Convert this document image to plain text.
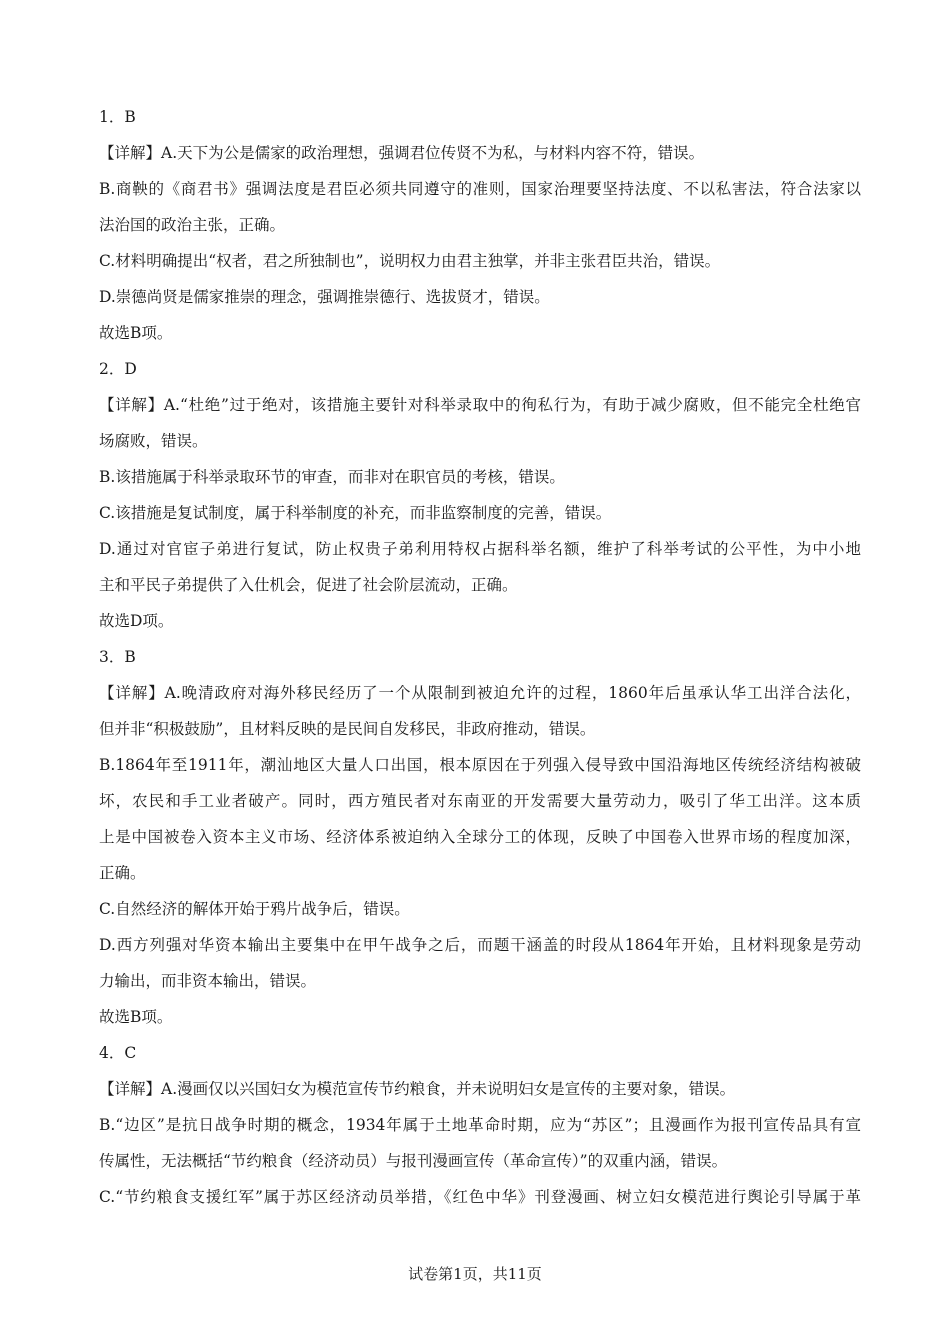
1．B
【详解】A.天下为公是儒家的政治理想，强调君位传贤不为私，与材料内容不符，错误。
B.商鞅的《商君书》强调法度是君臣必须共同遵守的准则，国家治理要坚持法度、不以私害法，符合法家以
法治国的政治主张，正确。
C.材料明确提出“权者，君之所独制也”，说明权力由君主独掌，并非主张君臣共治，错误。
D.崇德尚贤是儒家推崇的理念，强调推崇德行、选拔贤才，错误。
故选B项。
2．D
【详解】A.“杜绝”过于绝对，该措施主要针对科举录取中的徇私行为，有助于减少腐败，但不能完全杜绝官
场腐败，错误。
B.该措施属于科举录取环节的审查，而非对在职官员的考核，错误。
C.该措施是复试制度，属于科举制度的补充，而非监察制度的完善，错误。
D.通过对官宦子弟进行复试，防止权贵子弟利用特权占据科举名额，维护了科举考试的公平性，为中小地
主和平民子弟提供了入仕机会，促进了社会阶层流动，正确。
故选D项。
3．B
【详解】A.晚清政府对海外移民经历了一个从限制到被迫允许的过程，1860年后虽承认华工出洋合法化，
但并非“积极鼓励”，且材料反映的是民间自发移民，非政府推动，错误。
B.1864年至1911年，潮汕地区大量人口出国，根本原因在于列强入侵导致中国沿海地区传统经济结构被破
坏，农民和手工业者破产。同时，西方殖民者对东南亚的开发需要大量劳动力，吸引了华工出洋。这本质
上是中国被卷入资本主义市场、经济体系被迫纳入全球分工的体现，反映了中国卷入世界市场的程度加深，
正确。
C.自然经济的解体开始于鸦片战争后，错误。
D.西方列强对华资本输出主要集中在甲午战争之后，而题干涵盖的时段从1864年开始，且材料现象是劳动
力输出，而非资本输出，错误。
故选B项。
4．C
【详解】A.漫画仅以兴国妇女为模范宣传节约粮食，并未说明妇女是宣传的主要对象，错误。
B.“边区”是抗日战争时期的概念，1934年属于土地革命时期，应为“苏区”；且漫画作为报刊宣传品具有宣
传属性，无法概括“节约粮食（经济动员）与报刊漫画宣传（革命宣传）”的双重内涵，错误。
C.“节约粮食支援红军”属于苏区经济动员举措，《红色中华》刊登漫画、树立妇女模范进行舆论引导属于革
试卷第1页，共11页
